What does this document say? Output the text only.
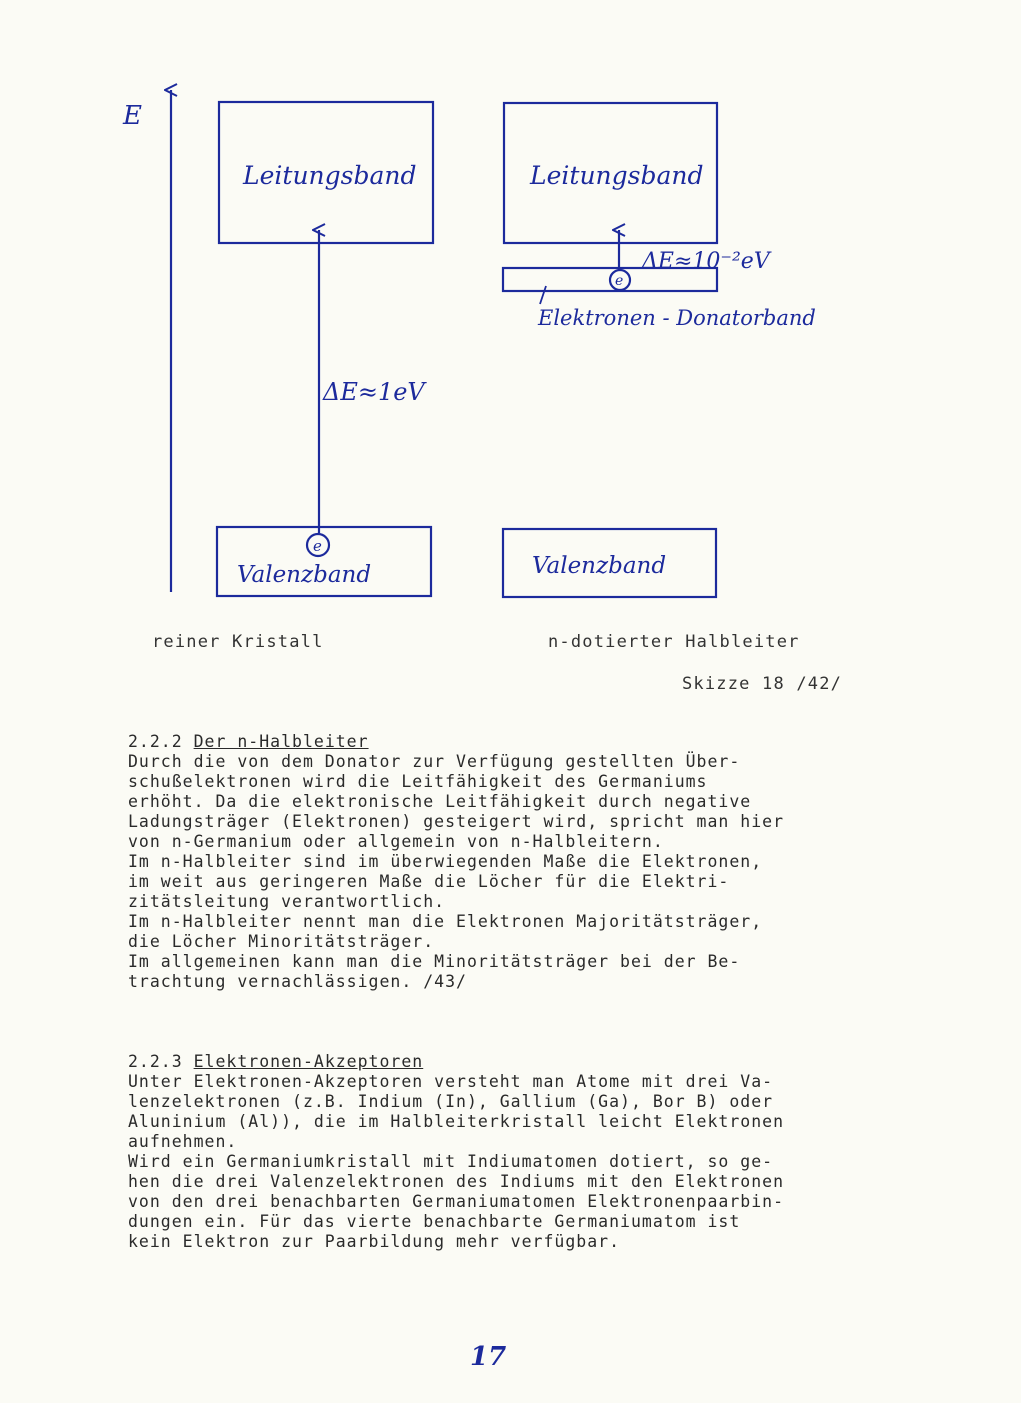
E
Leitungsband
Valenzband
e
ΔE≈1eV
Leitungsband
e
ΔE≈10⁻²eV
Elektronen - Donatorband
Valenzband
reiner Kristall	n-dotierter Halbleiter
Skizze 18 /42/
2.2.2 Der n-Halbleiter
Durch die von dem Donator zur Verfügung gestellten Über-
schußelektronen wird die Leitfähigkeit des Germaniums
erhöht. Da die elektronische Leitfähigkeit durch negative
Ladungsträger (Elektronen) gesteigert wird, spricht man hier
von n-Germanium oder allgemein von n-Halbleitern.
Im n-Halbleiter sind im überwiegenden Maße die Elektronen,
im weit aus geringeren Maße die Löcher für die Elektri-
zitätsleitung verantwortlich.
Im n-Halbleiter nennt man die Elektronen Majoritätsträger,
die Löcher Minoritätsträger.
Im allgemeinen kann man die Minoritätsträger bei der Be-
trachtung vernachlässigen. /43/
2.2.3 Elektronen-Akzeptoren
Unter Elektronen-Akzeptoren versteht man Atome mit drei Va-
lenzelektronen (z.B. Indium (In), Gallium (Ga), Bor B) oder
Aluninium (Al)), die im Halbleiterkristall leicht Elektronen
aufnehmen.
Wird ein Germaniumkristall mit Indiumatomen dotiert, so ge-
hen die drei Valenzelektronen des Indiums mit den Elektronen
von den drei benachbarten Germaniumatomen Elektronenpaarbin-
dungen ein. Für das vierte benachbarte Germaniumatom ist
kein Elektron zur Paarbildung mehr verfügbar.
17
